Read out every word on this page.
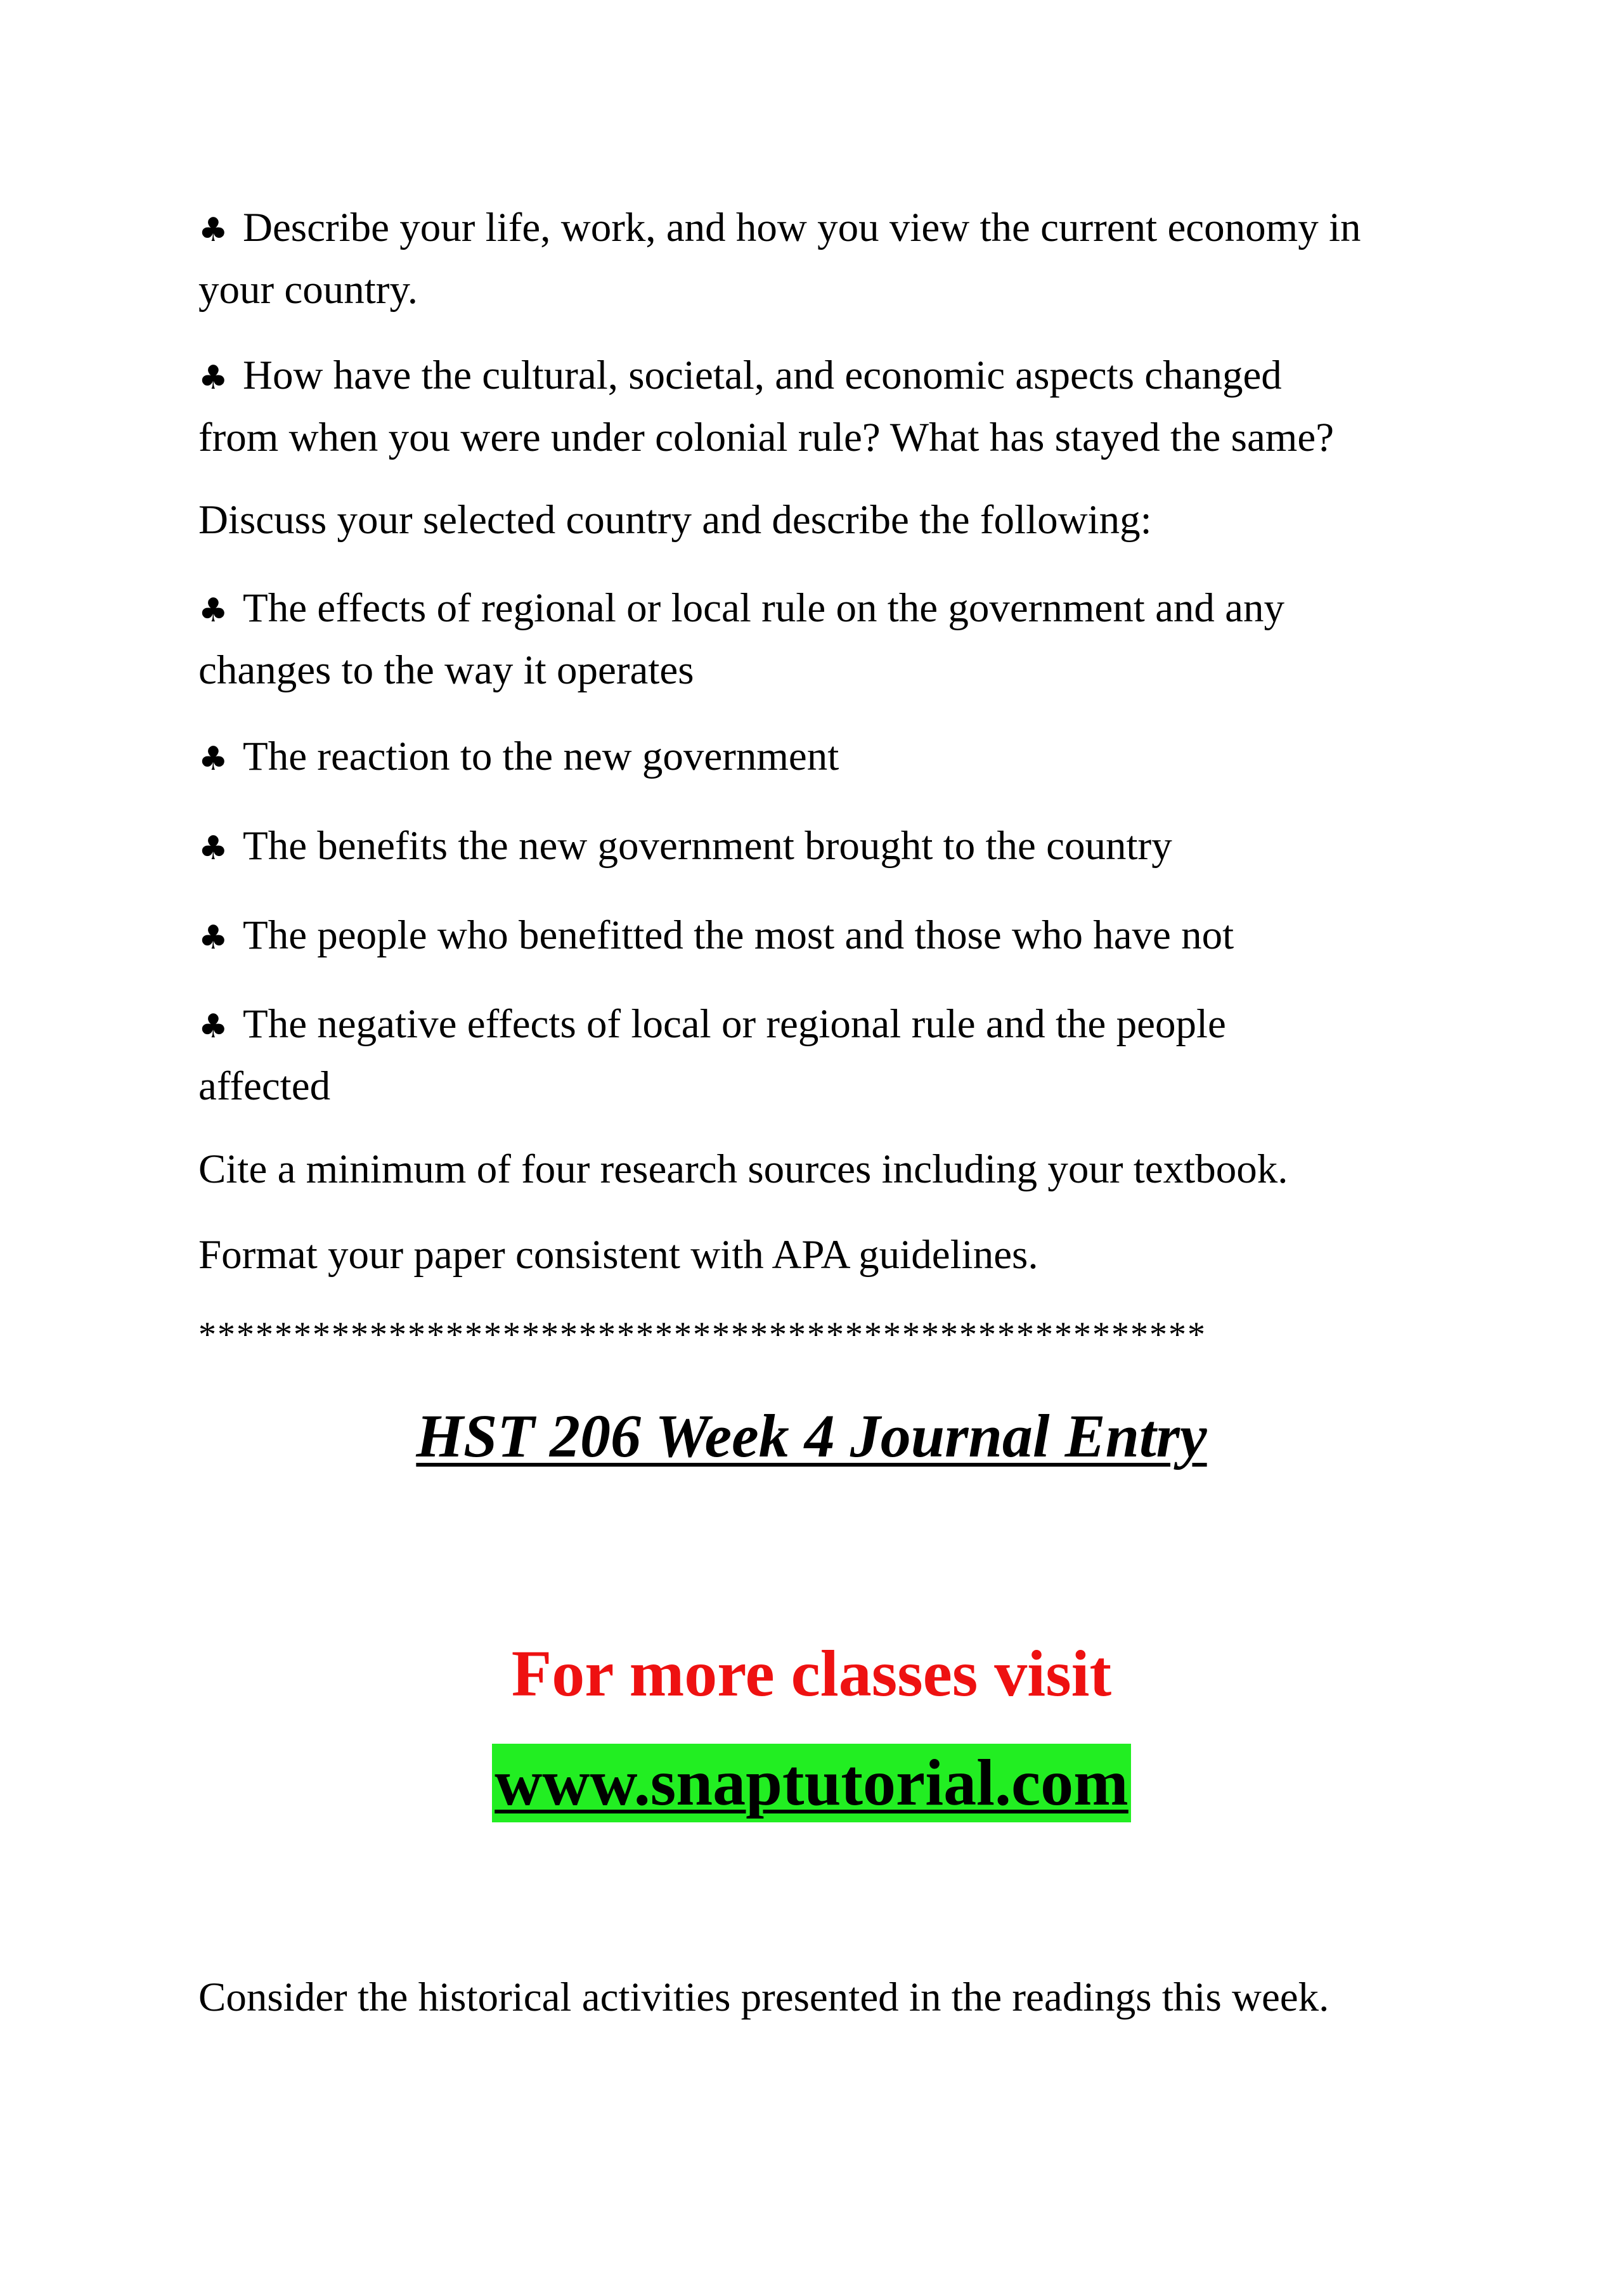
♣ Describe your life, work, and how you view the current economy in
your country.

♣ How have the cultural, societal, and economic aspects changed
from when you were under colonial rule? What has stayed the same?

Discuss your selected country and describe the following:

♣ The effects of regional or local rule on the government and any
changes to the way it operates

♣ The reaction to the new government

♣ The benefits the new government brought to the country

♣ The people who benefitted the most and those who have not

♣ The negative effects of local or regional rule and the people
affected

Cite a minimum of four research sources including your textbook.

Format your paper consistent with APA guidelines.

*****************************************************
HST 206 Week 4 Journal Entry

For more classes visit

www.snaptutorial.com

Consider the historical activities presented in the readings this week.
